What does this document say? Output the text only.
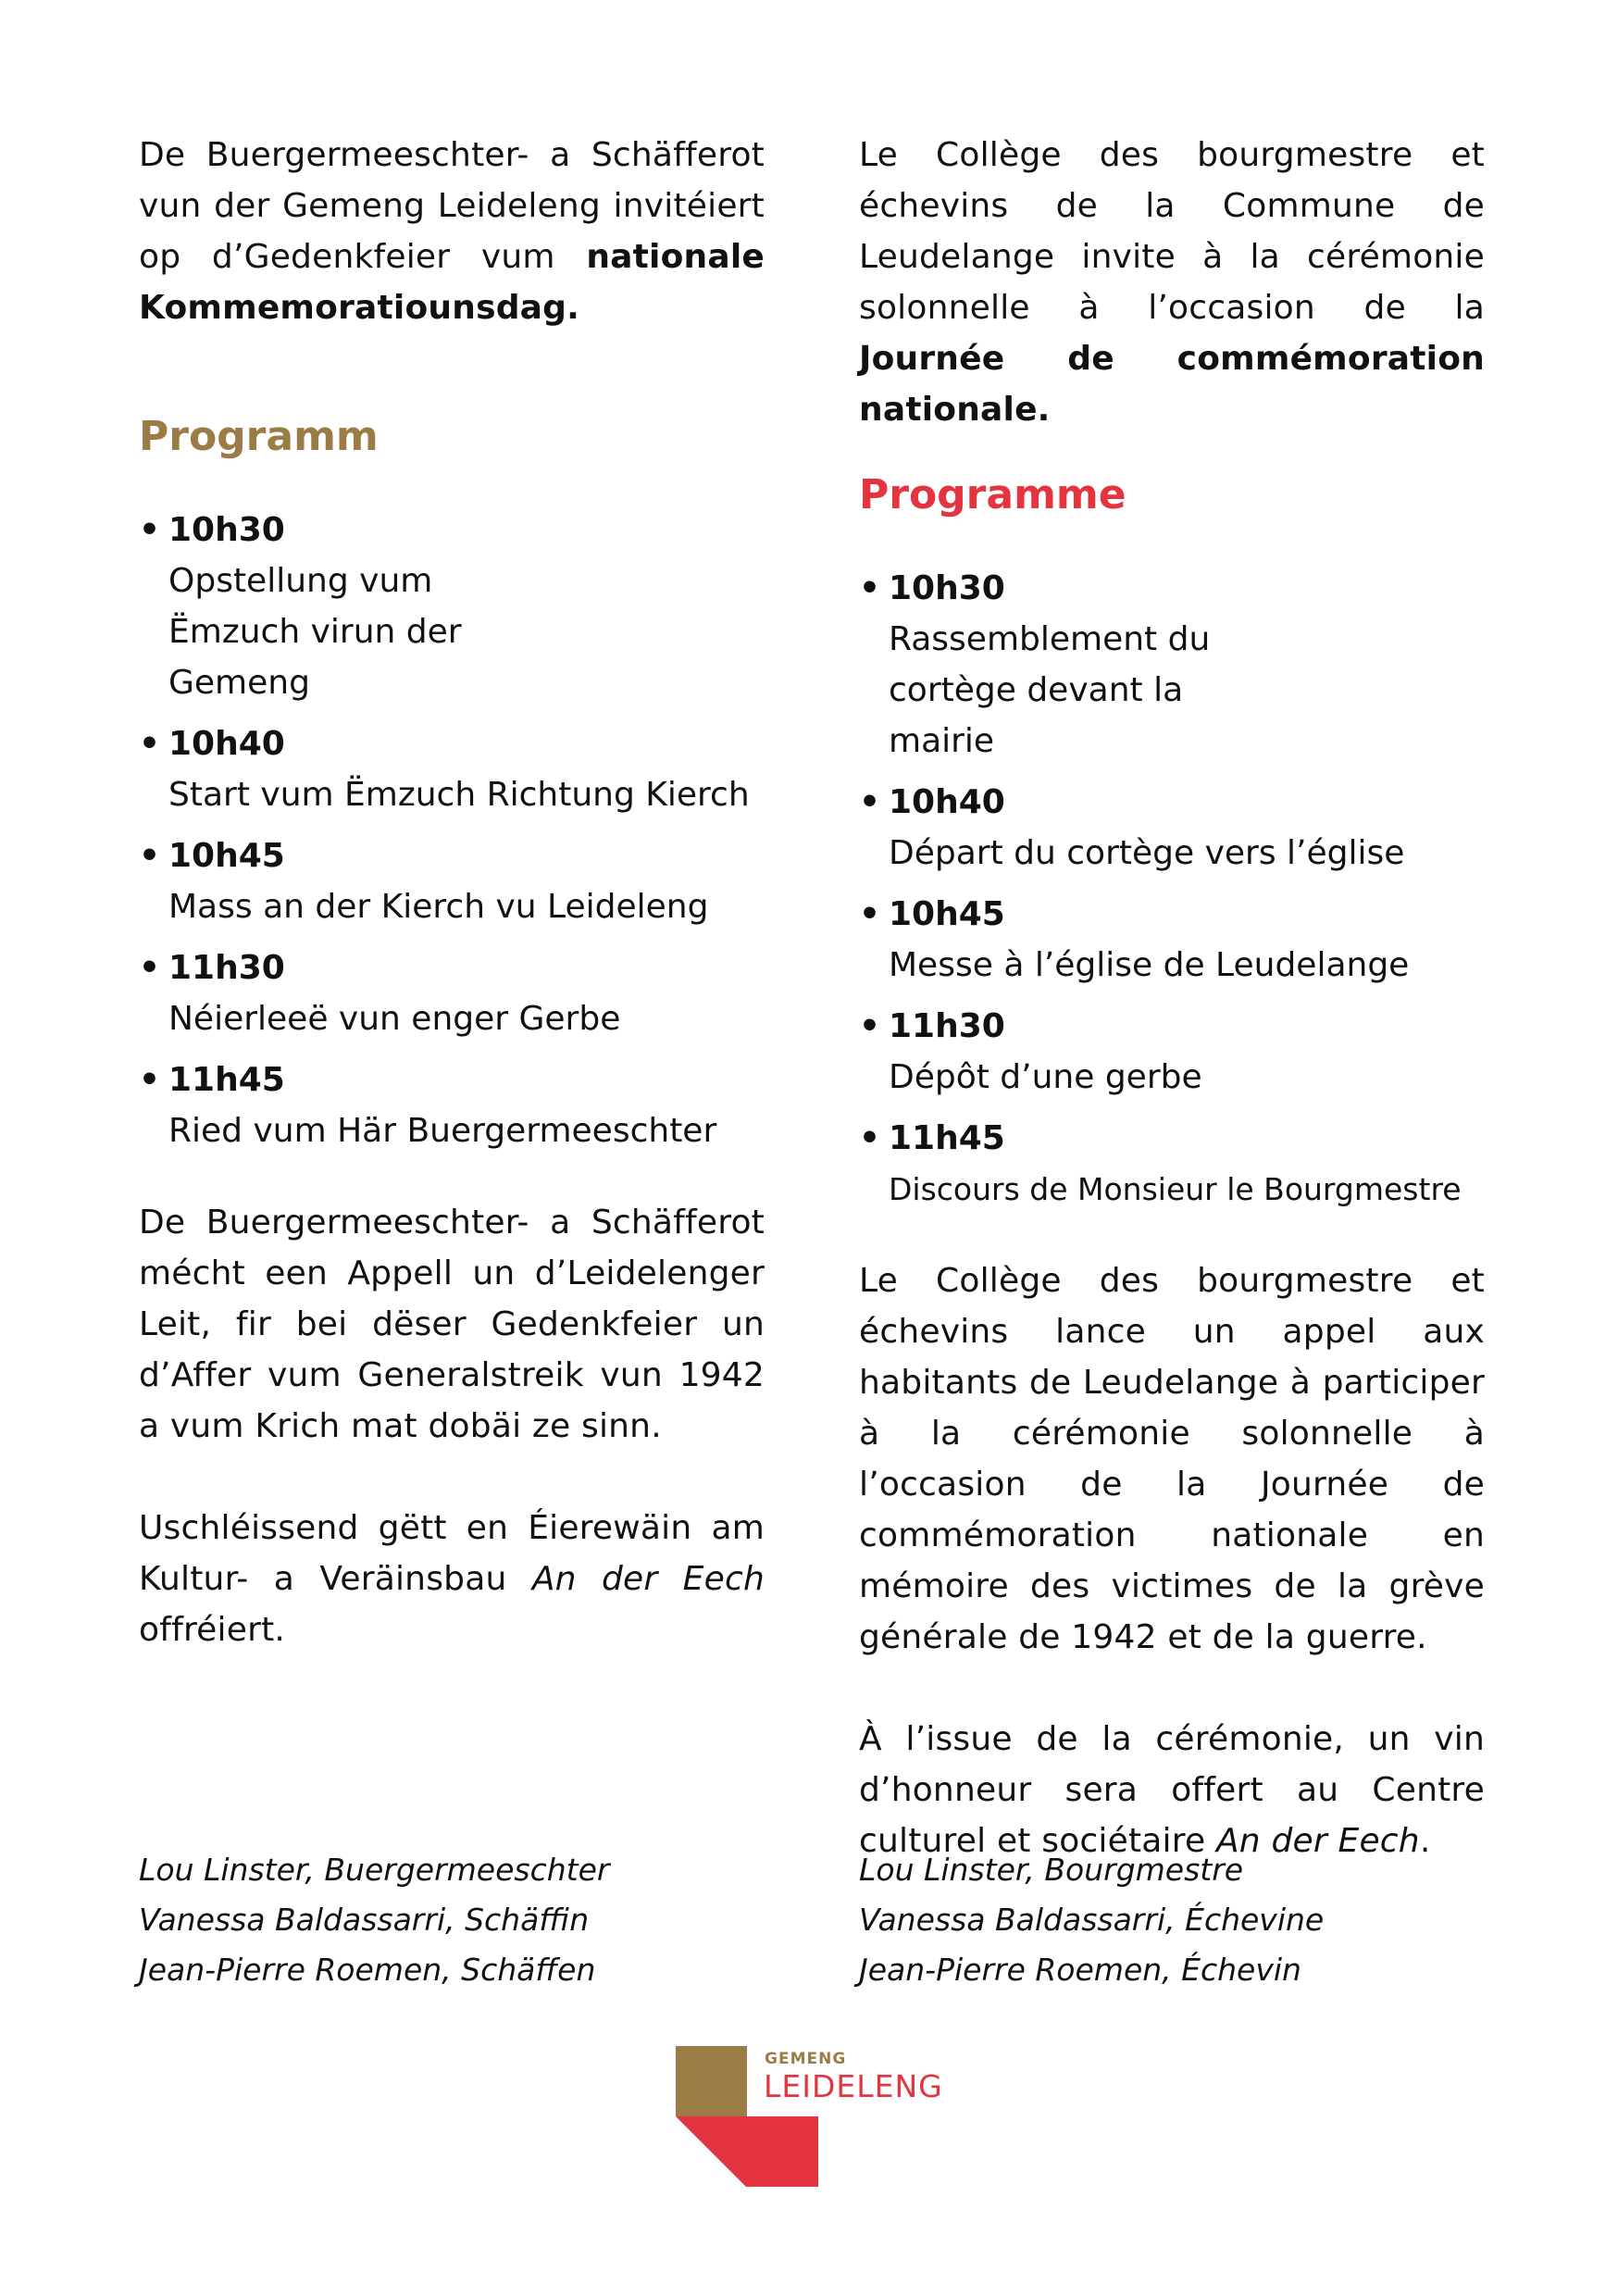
De Buergermeeschter- a Schäfferot vun der Gemeng Leideleng invitéiert op d’Gedenkfeier vum nationale Kommemoratiounsdag.

Programm
• 10h30
Opstellung vum Ëmzuch virun der Gemeng
• 10h40
Start vum Ëmzuch Richtung Kierch
• 10h45
Mass an der Kierch vu Leideleng
• 11h30
Néierleeë vun enger Gerbe
• 11h45
Ried vum Här Buergermeeschter

De Buergermeeschter- a Schäfferot mécht een Appell un d’Leidelenger Leit, fir bei dëser Gedenkfeier un d’Affer vum Generalstreik vun 1942 a vum Krich mat dobäi ze sinn.

Uschléissend gëtt en Éierewäin am Kultur- a Veräinsbau An der Eech offréiert.

Le Collège des bourgmestre et échevins de la Commune de Leudelange invite à la cérémonie solonnelle à l’occasion de la Journée de commémoration nationale.

Programme
• 10h30
Rassemblement du cortège devant la mairie
• 10h40
Départ du cortège vers l’église
• 10h45
Messe à l’église de Leudelange
• 11h30
Dépôt d’une gerbe
• 11h45
Discours de Monsieur le Bourgmestre

Le Collège des bourgmestre et échevins lance un appel aux habitants de Leudelange à participer à la cérémonie solonnelle à l’occasion de la Journée de commémoration nationale en mémoire des victimes de la grève générale de 1942 et de la guerre.

À l’issue de la cérémonie, un vin d’honneur sera offert au Centre culturel et sociétaire An der Eech.

Lou Linster, Buergermeeschter
Vanessa Baldassarri, Schäffin
Jean-Pierre Roemen, Schäffen
Lou Linster, Bourgmestre
Vanessa Baldassarri, Échevine
Jean-Pierre Roemen, Échevin
GEMENG
LEIDELENG
